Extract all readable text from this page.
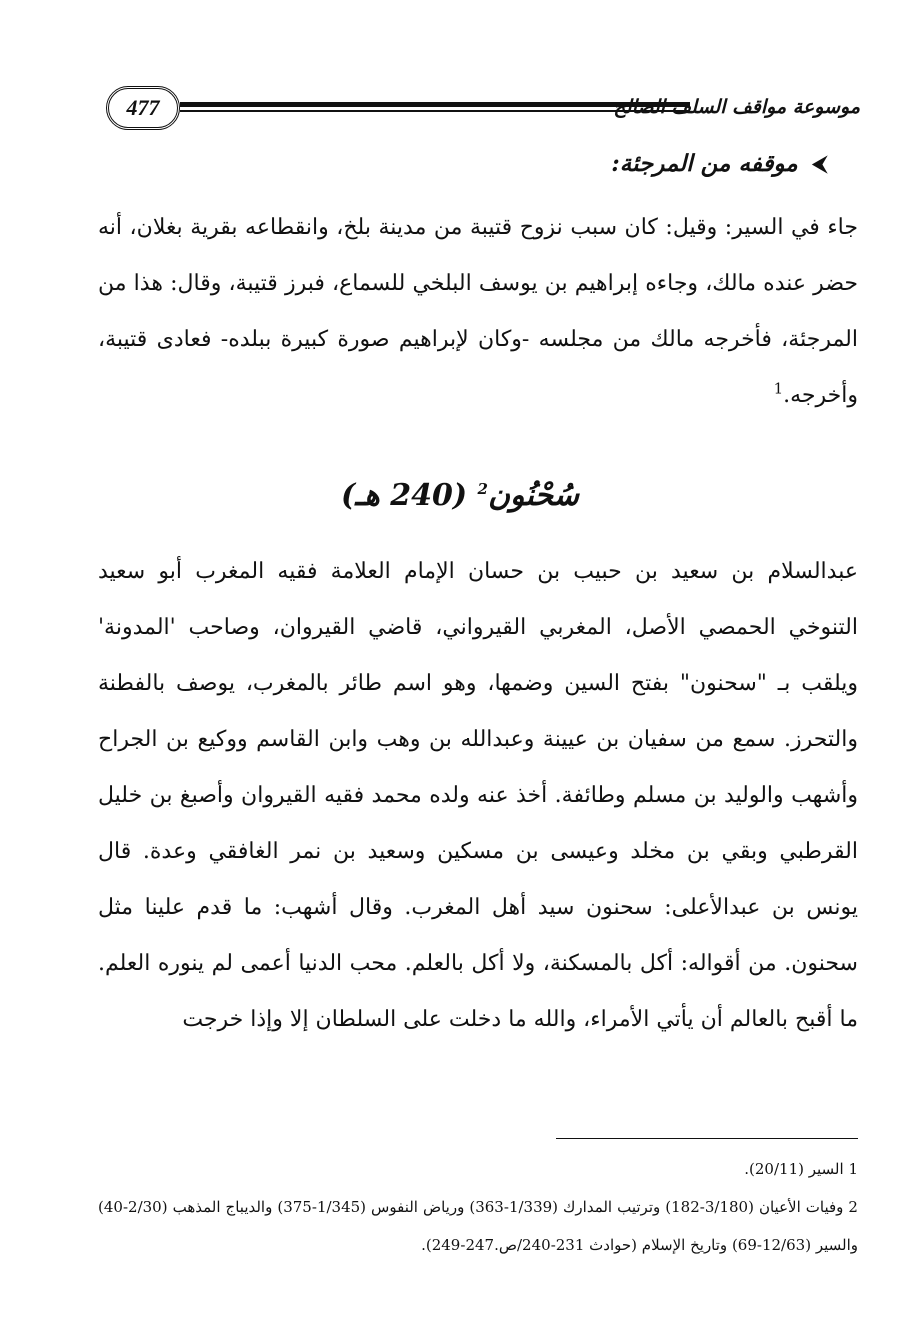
477	موسوعة مواقف السلف الصالح
⮜موقفه من المرجئة:
جاء في السير: وقيل: كان سبب نزوح قتيبة من مدينة بلخ، وانقطاعه بقرية بغلان، أنه حضر عنده مالك، وجاءه إبراهيم بن يوسف البلخي للسماع، فبرز قتيبة، وقال: هذا من المرجئة، فأخرجه مالك من مجلسه -وكان لإبراهيم صورة كبيرة ببلده- فعادى قتيبة، وأخرجه.$^1$
سُحْنُون$^2$ (240 هـ)
عبدالسلام بن سعيد بن حبيب بن حسان الإمام العلامة فقيه المغرب أبو سعيد التنوخي الحمصي الأصل، المغربي القيرواني، قاضي القيروان، وصاحب 'المدونة' ويلقب بـ "سحنون" بفتح السين وضمها، وهو اسم طائر بالمغرب، يوصف بالفطنة والتحرز. سمع من سفيان بن عيينة وعبدالله بن وهب وابن القاسم ووكيع بن الجراح وأشهب والوليد بن مسلم وطائفة. أخذ عنه ولده محمد فقيه القيروان وأصبغ بن خليل القرطبي وبقي بن مخلد وعيسى بن مسكين وسعيد بن نمر الغافقي وعدة. قال يونس بن عبدالأعلى: سحنون سيد أهل المغرب. وقال أشهب: ما قدم علينا مثل سحنون. من أقواله: أكل بالمسكنة، ولا أكل بالعلم. محب الدنيا أعمى لم ينوره العلم. ما أقبح بالعالم أن يأتي الأمراء، والله ما دخلت على السلطان إلا وإذا خرجت

1 السير (20/11).

2 وفيات الأعيان (3/180-182) وترتيب المدارك (1/339-363) ورياض النفوس (1/345-375) والديباج المذهب (2/30-40) والسير (12/63-69) وتاريخ الإسلام (حوادث 231-240/ص.247-249).
